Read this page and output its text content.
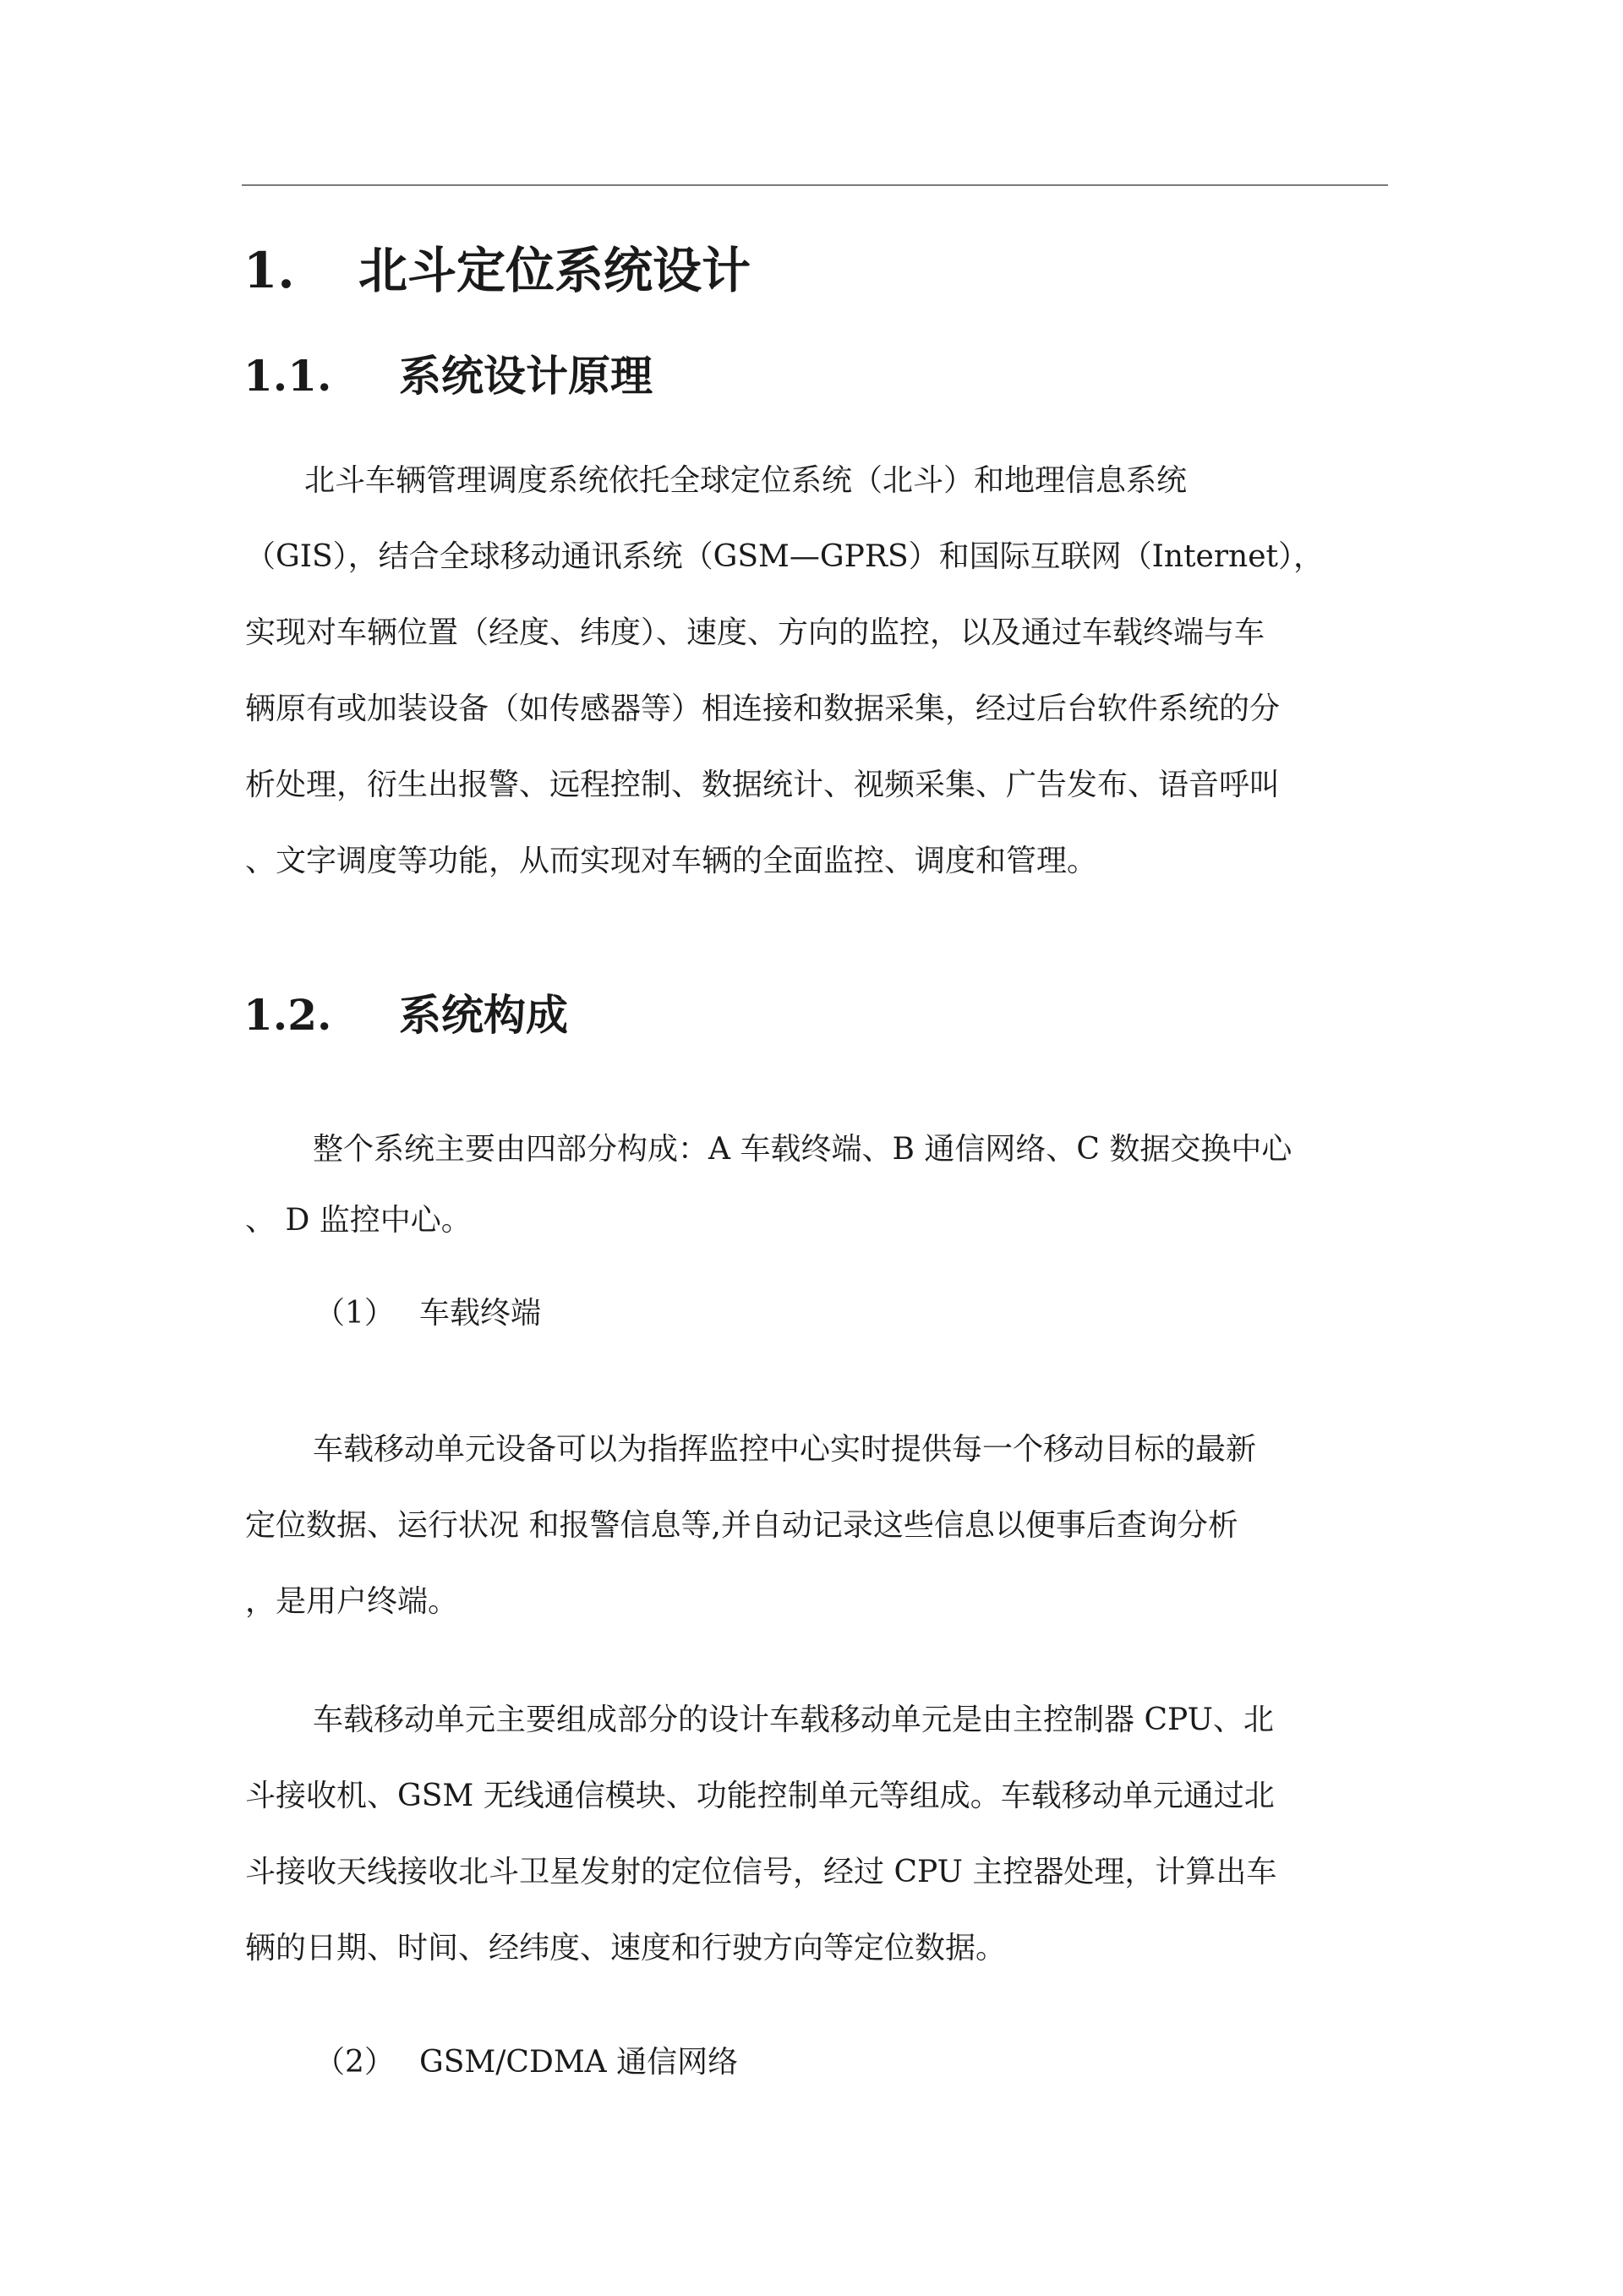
1. 北斗定位系统设计
1.1. 系统设计原理
北斗车辆管理调度系统依托全球定位系统（北斗）和地理信息系统
（GIS），结合全球移动通讯系统（GSM—GPRS）和国际互联网（Internet），
实现对车辆位置（经度、纬度）、速度、方向的监控，以及通过车载终端与车
辆原有或加装设备（如传感器等）相连接和数据采集，经过后台软件系统的分
析处理，衍生出报警、远程控制、数据统计、视频采集、广告发布、语音呼叫
、文字调度等功能，从而实现对车辆的全面监控、调度和管理。
1.2. 系统构成
整个系统主要由四部分构成：A 车载终端、B 通信网络、C 数据交换中心
、 D 监控中心。
（1） 车载终端
车载移动单元设备可以为指挥监控中心实时提供每一个移动目标的最新
定位数据、运行状况 和报警信息等,并自动记录这些信息以便事后查询分析
，是用户终端。
车载移动单元主要组成部分的设计车载移动单元是由主控制器 CPU、北
斗接收机、GSM 无线通信模块、功能控制单元等组成。车载移动单元通过北
斗接收天线接收北斗卫星发射的定位信号，经过 CPU 主控器处理，计算出车
辆的日期、时间、经纬度、速度和行驶方向等定位数据。
（2） GSM/CDMA 通信网络
